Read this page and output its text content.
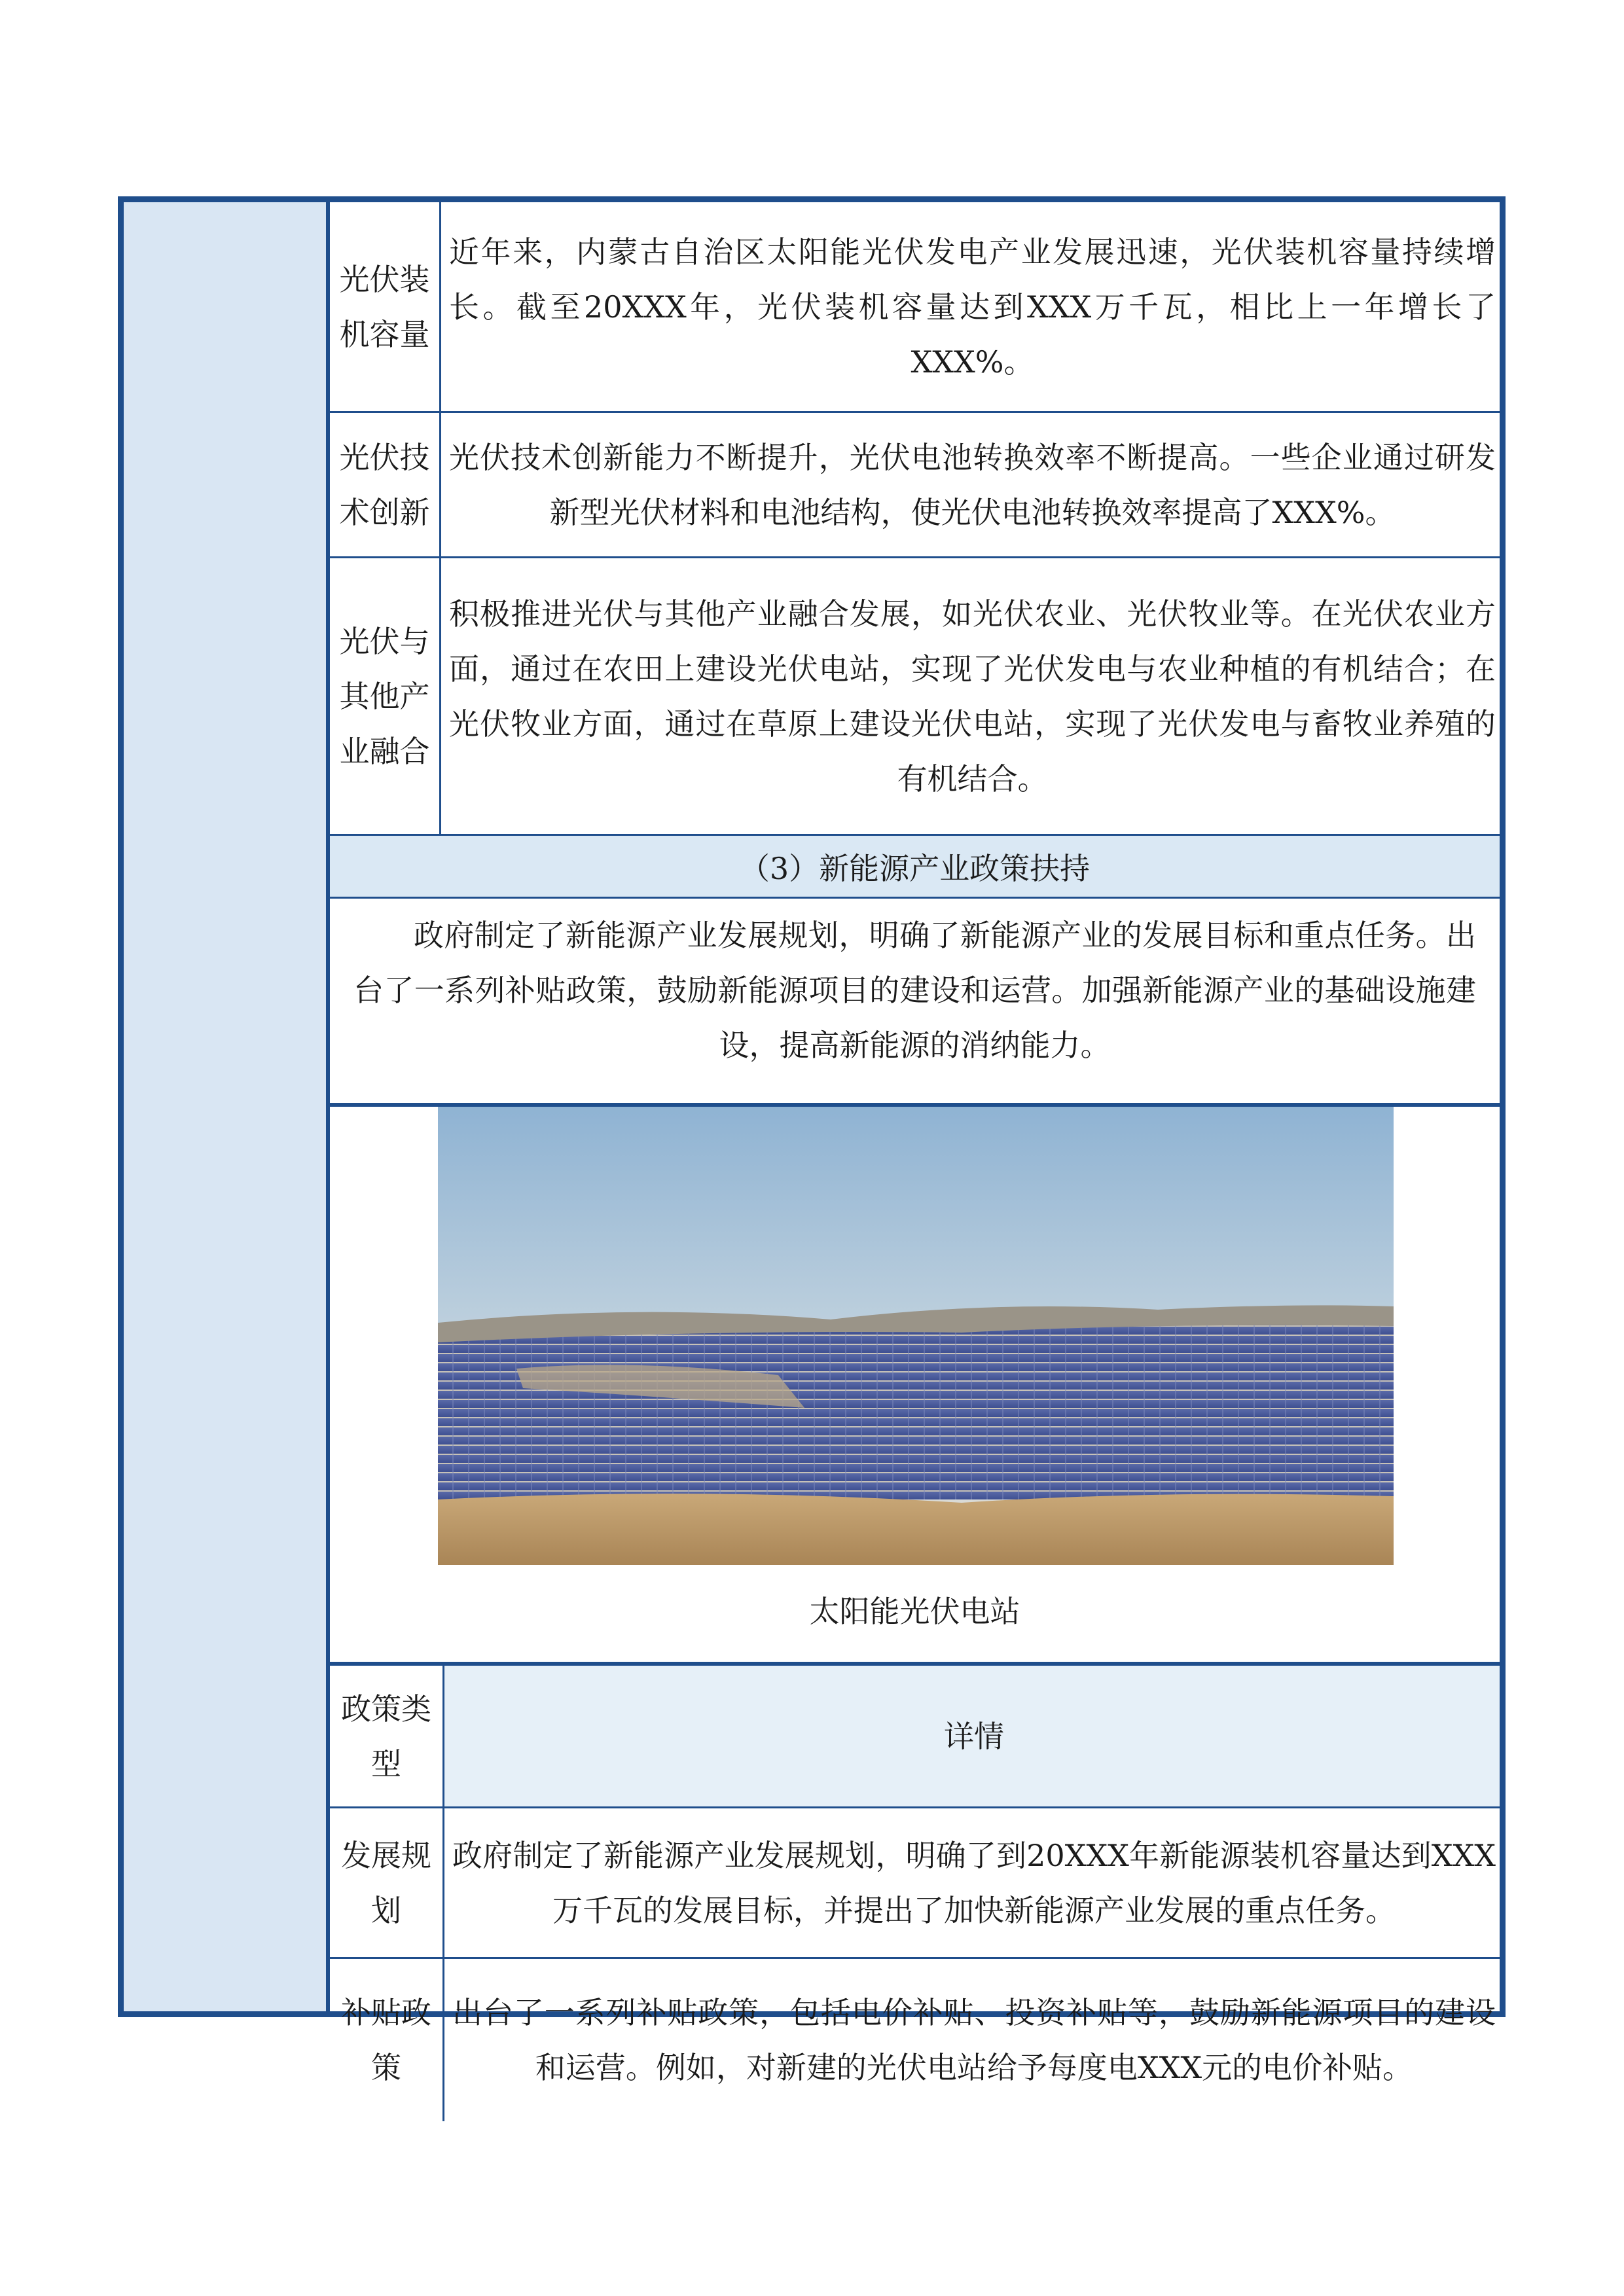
光伏装机容量
近年来，内蒙古自治区太阳能光伏发电产业发展迅速，光伏装机容量持续增长。截至20XXX年，光伏装机容量达到XXX万千瓦，相比上一年增长了XXX%。
光伏技术创新
光伏技术创新能力不断提升，光伏电池转换效率不断提高。一些企业通过研发新型光伏材料和电池结构，使光伏电池转换效率提高了XXX%。
光伏与其他产业融合
积极推进光伏与其他产业融合发展，如光伏农业、光伏牧业等。在光伏农业方面，通过在农田上建设光伏电站，实现了光伏发电与农业种植的有机结合；在光伏牧业方面，通过在草原上建设光伏电站，实现了光伏发电与畜牧业养殖的有机结合。
（3）新能源产业政策扶持
政府制定了新能源产业发展规划，明确了新能源产业的发展目标和重点任务。出台了一系列补贴政策，鼓励新能源项目的建设和运营。加强新能源产业的基础设施建设，提高新能源的消纳能力。
太阳能光伏电站
政策类型
详情
发展规划
政府制定了新能源产业发展规划，明确了到20XXX年新能源装机容量达到XXX万千瓦的发展目标，并提出了加快新能源产业发展的重点任务。
补贴政策
出台了一系列补贴政策，包括电价补贴、投资补贴等，鼓励新能源项目的建设和运营。例如，对新建的光伏电站给予每度电XXX元的电价补贴。
